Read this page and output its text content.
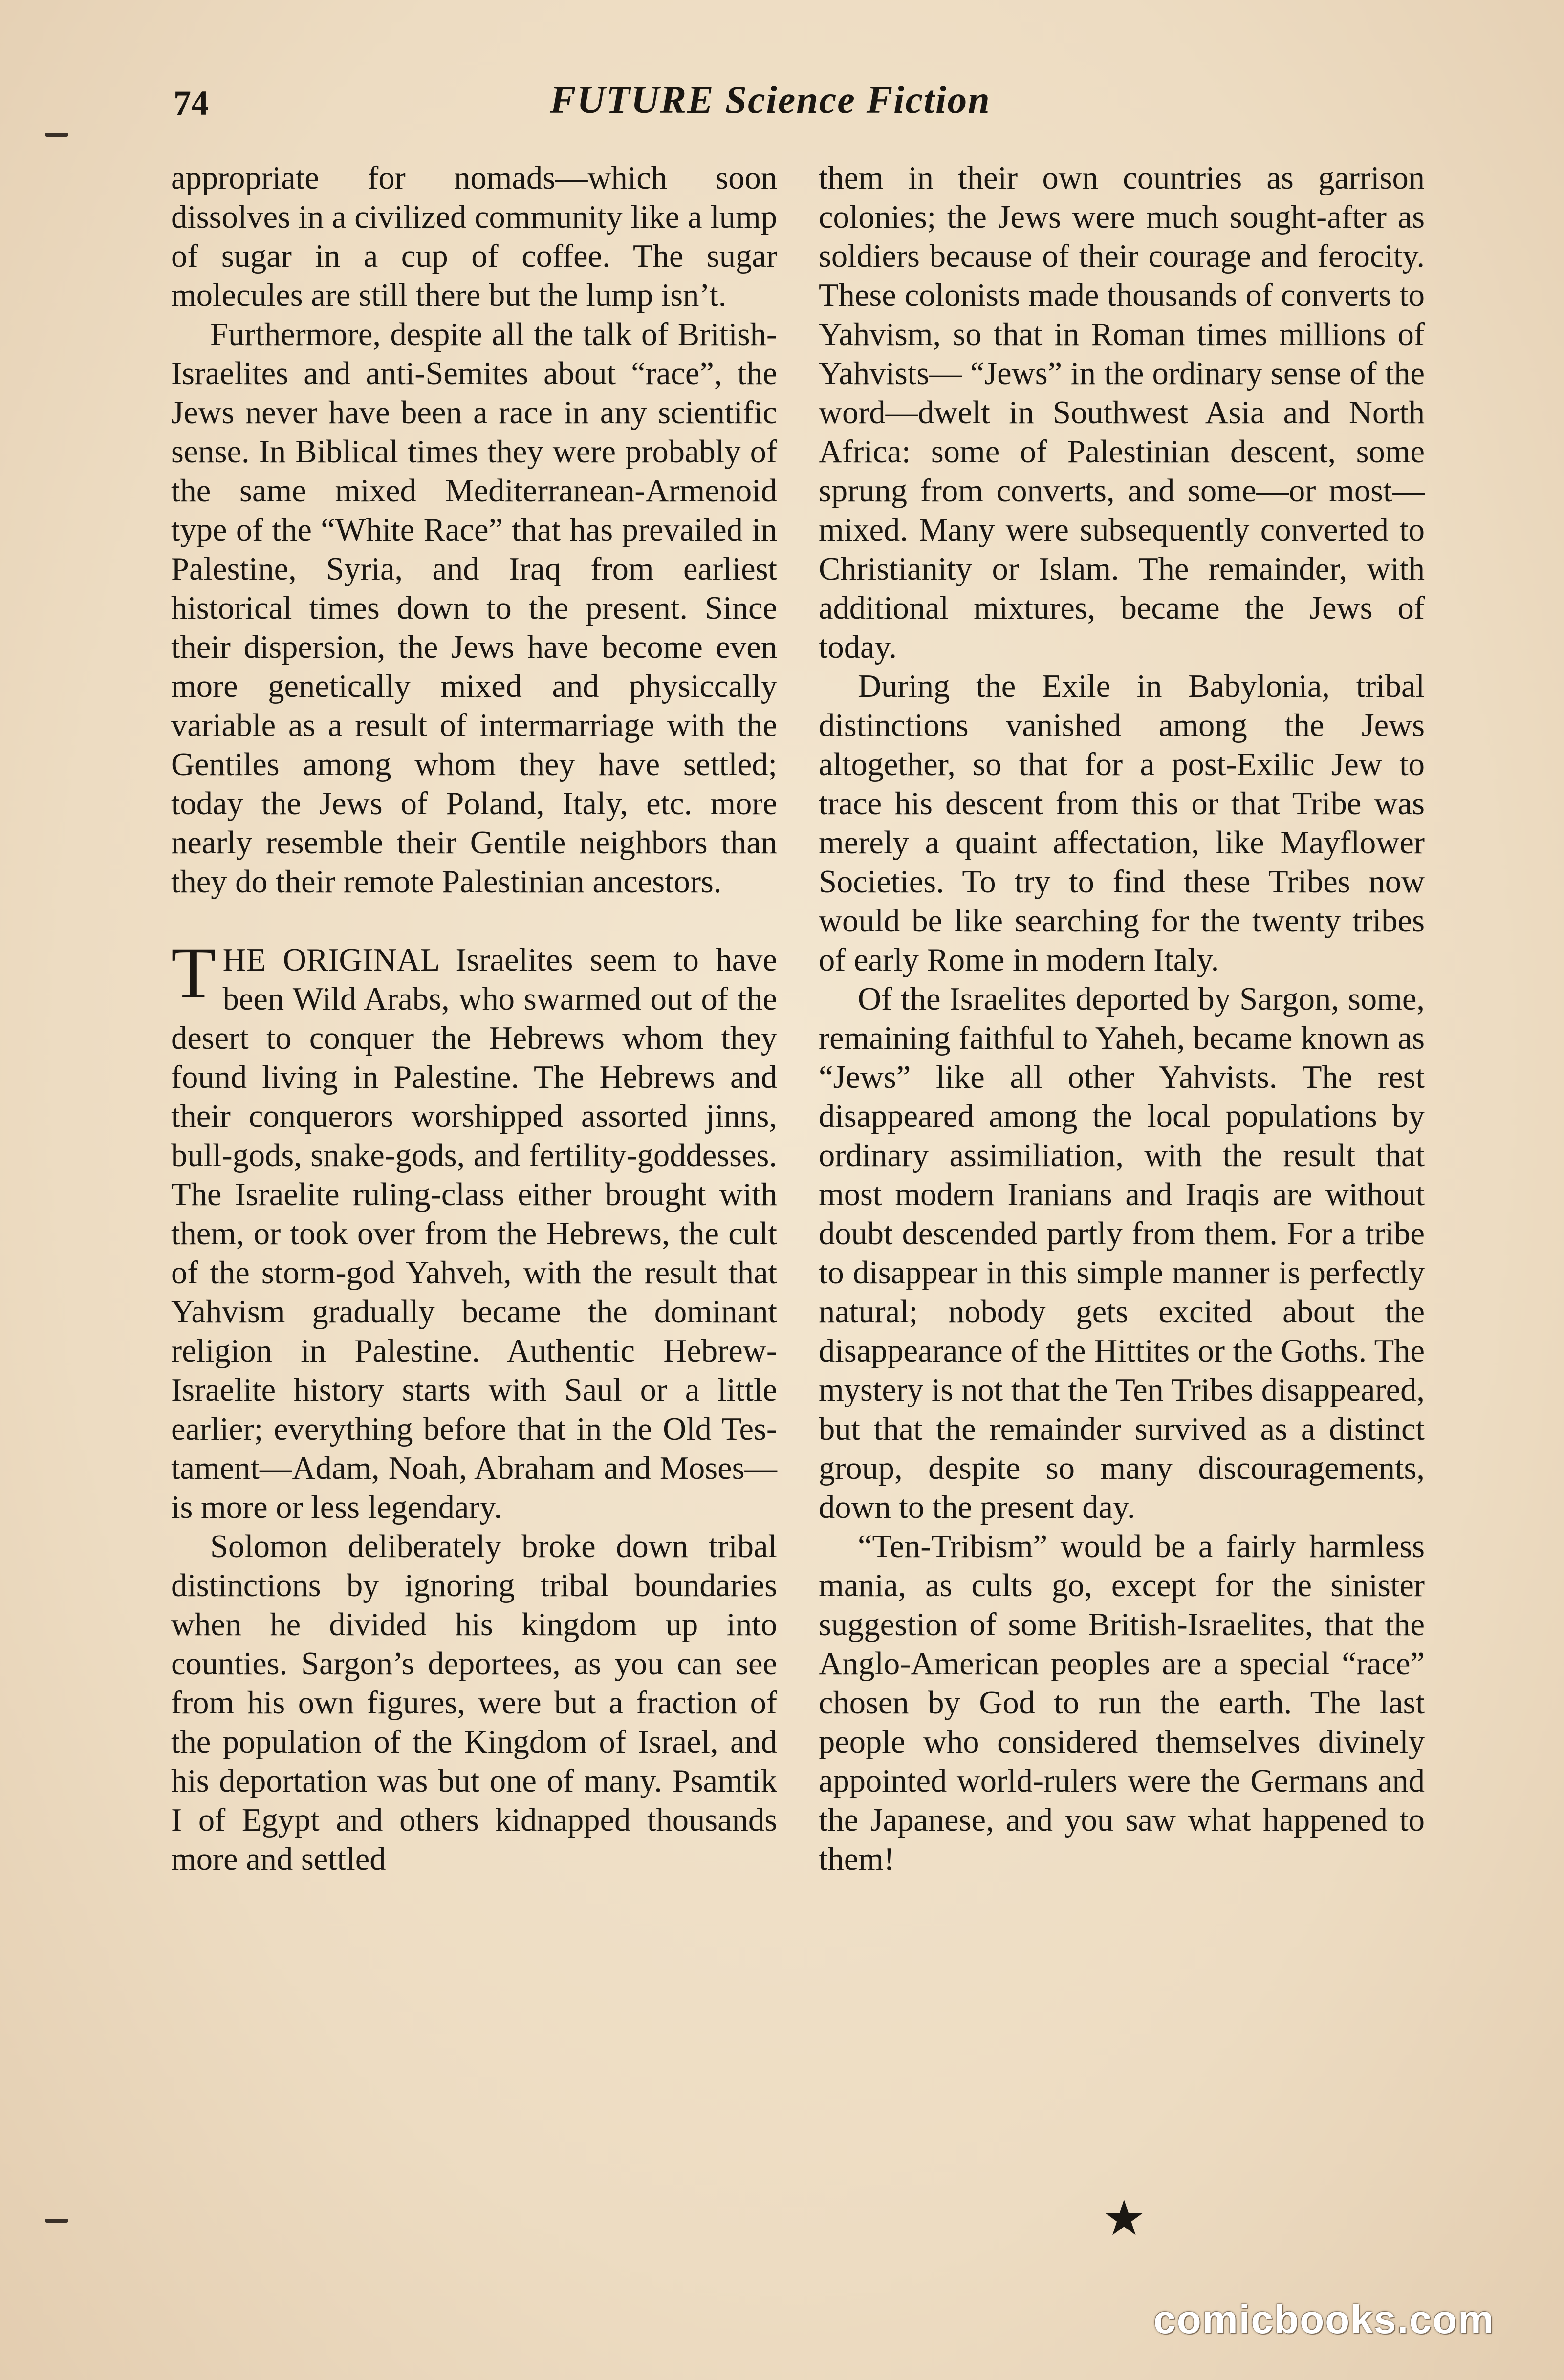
74	FUTURE Science Fiction

appropriate for nomads—which soon dissolves in a civilized community like a lump of sugar in a cup of coffee. The sugar molecules are still there but the lump isn’t.

Furthermore, despite all the talk of British-Israelites and anti-Semites about “race”, the Jews never have been a race in any scientific sense. In Biblical times they were probably of the same mixed Mediterranean-Armenoid type of the “White Race” that has prevailed in Palestine, Syria, and Iraq from earliest historical times down to the present. Since their dispersion, the Jews have become even more genetically mixed and physiccally variable as a result of intermarriage with the Gentiles among whom they have settled; today the Jews of Poland, Italy, etc. more nearly resemble their Gentile neighbors than they do their remote Palestinian ancestors.

THE ORIGINAL Israelites seem to have been Wild Arabs, who swarmed out of the desert to conquer the Hebrews whom they found living in Palestine. The Hebrews and their conquerors worshipped assorted jinns, bull-gods, snake-gods, and fertility-goddesses. The Israelite ruling-class either brought with them, or took over from the Hebrews, the cult of the storm-god Yahveh, with the result that Yahvism gradually became the dominant religion in Palestine. Authentic Hebrew-Israelite history starts with Saul or a little earlier; everything before that in the Old Testament—Adam, Noah, Abraham and Moses—is more or less legendary.

Solomon deliberately broke down tribal distinctions by ignoring tribal boundaries when he divided his kingdom up into counties. Sargon’s deportees, as you can see from his own figures, were but a fraction of the population of the Kingdom of Israel, and his deportation was but one of many. Psamtik I of Egypt and others kidnapped thousands more and settled

them in their own countries as garrison colonies; the Jews were much sought-after as soldiers because of their courage and ferocity. These colonists made thousands of converts to Yahvism, so that in Roman times millions of Yahvists— “Jews” in the ordinary sense of the word—dwelt in Southwest Asia and North Africa: some of Palestinian descent, some sprung from converts, and some—or most—mixed. Many were subsequently converted to Christianity or Islam. The remainder, with additional mixtures, became the Jews of today.

During the Exile in Babylonia, tribal distinctions vanished among the Jews altogether, so that for a post-Exilic Jew to trace his descent from this or that Tribe was merely a quaint affectation, like Mayflower Societies. To try to find these Tribes now would be like searching for the twenty tribes of early Rome in modern Italy.

Of the Israelites deported by Sargon, some, remaining faithful to Yaheh, became known as “Jews” like all other Yahvists. The rest disappeared among the local populations by ordinary assimiliation, with the result that most modern Iranians and Iraqis are without doubt descended partly from them. For a tribe to disappear in this simple manner is perfectly natural; nobody gets excited about the disappearance of the Hittites or the Goths. The mystery is not that the Ten Tribes disappeared, but that the remainder survived as a distinct group, despite so many discouragements, down to the present day.

“Ten-Tribism” would be a fairly harmless mania, as cults go, except for the sinister suggestion of some British-Israelites, that the Anglo-American peoples are a special “race” chosen by God to run the earth. The last people who considered themselves divinely appointed world-rulers were the Germans and the Japanese, and you saw what happened to them!

★
comicbooks.com
